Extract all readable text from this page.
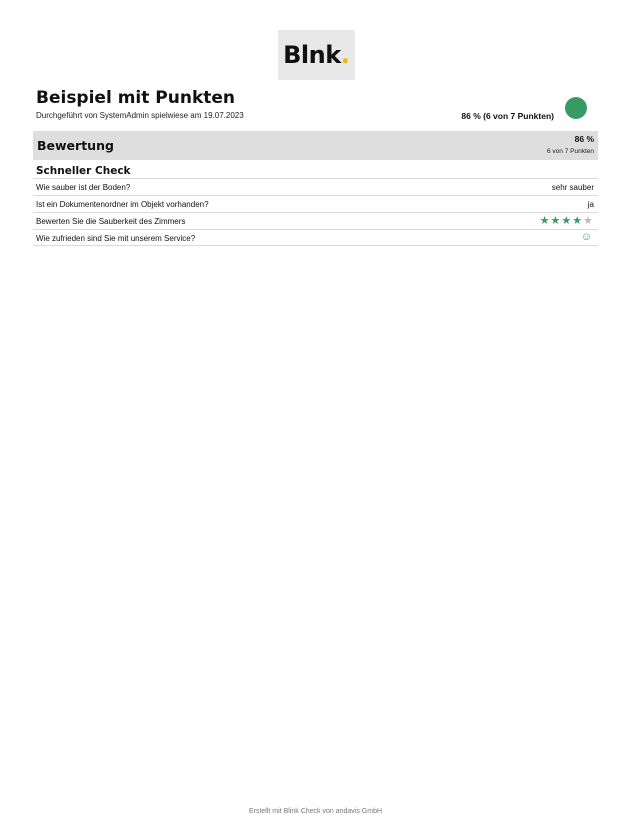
Blnk .
Beispiel mit Punkten
Durchgeführt von SystemAdmin spielwiese am 19.07.2023	86 % (6 von 7 Punkten)
Bewertung	86 %
6 von 7 Punkten
Schneller Check
Wie sauber ist der Boden?	sehr sauber
Ist ein Dokumentenordner im Objekt vorhanden?	ja
Bewerten Sie die Sauberkeit des Zimmers	★★★★★
Wie zufrieden sind Sie mit unserem Service?	☺
Erstellt mit Blink Check von andavis GmbH
